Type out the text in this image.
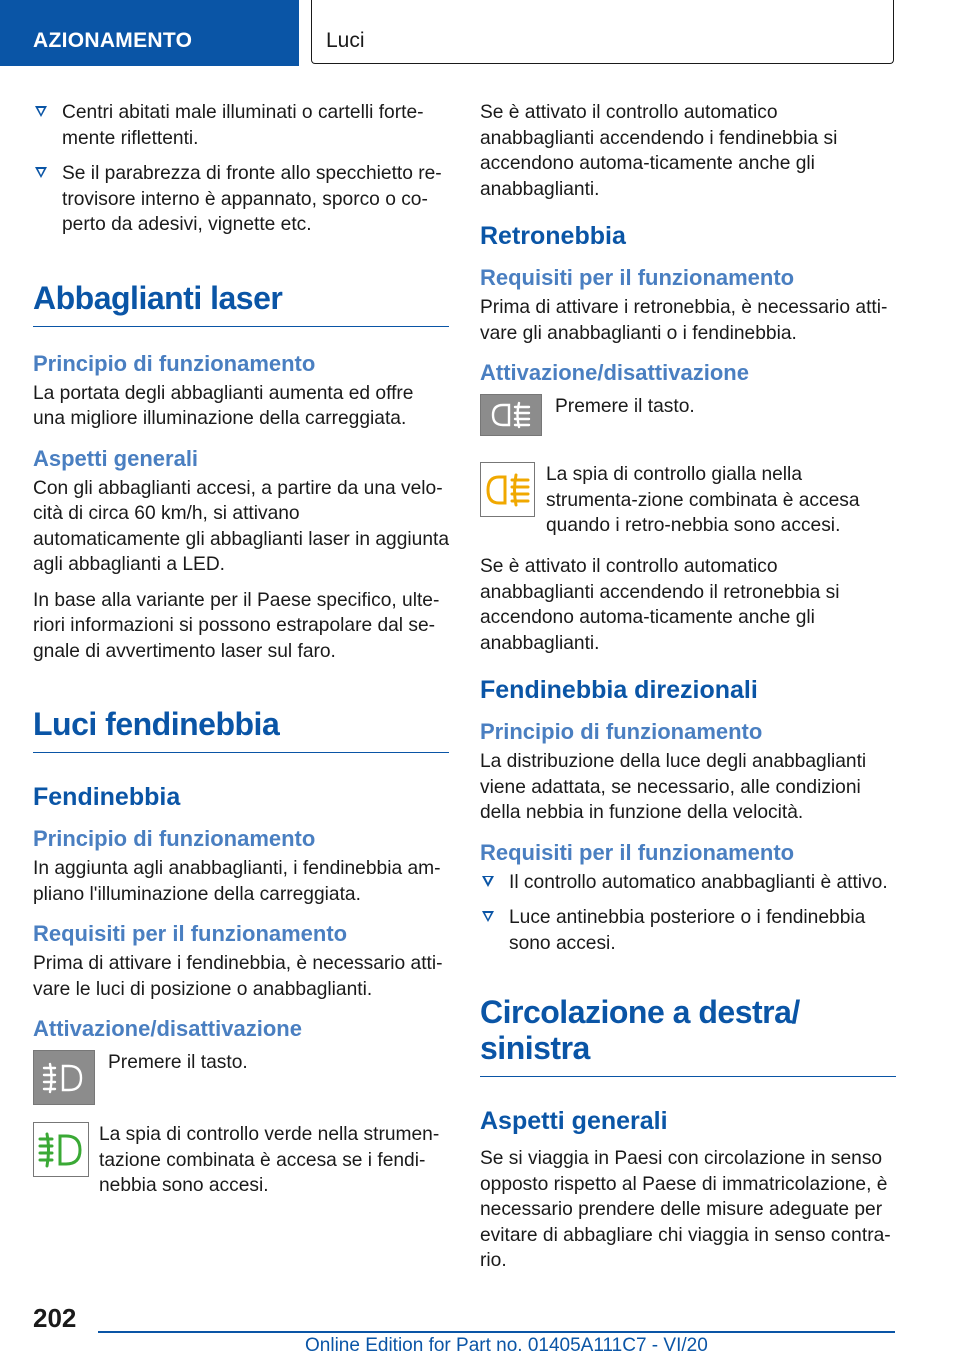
AZIONAMENTO	Luci
Centri abitati male illuminati o cartelli forte-mente riflettenti.
Se il parabrezza di fronte allo specchietto re-trovisore interno è appannato, sporco o co-perto da adesivi, vignette etc.
Abbaglianti laser
Principio di funzionamento

La portata degli abbaglianti aumenta ed offre una migliore illuminazione della carreggiata.

Aspetti generali

Con gli abbaglianti accesi, a partire da una velo-cità di circa 60 km/h, si attivano automaticamente gli abbaglianti laser in aggiunta agli abbaglianti a LED.

In base alla variante per il Paese specifico, ulte-riori informazioni si possono estrapolare dal se-gnale di avvertimento laser sul faro.

Luci fendinebbia
Fendinebbia
Principio di funzionamento

In aggiunta agli anabbaglianti, i fendinebbia am-pliano l'illuminazione della carreggiata.

Requisiti per il funzionamento

Prima di attivare i fendinebbia, è necessario atti-vare le luci di posizione o anabbaglianti.

Attivazione/disattivazione

Premere il tasto.

La spia di controllo verde nella strumen-tazione combinata è accesa se i fendi-nebbia sono accesi.

Se è attivato il controllo automatico anabbaglianti accendendo i fendinebbia si accendono automa-ticamente anche gli anabbaglianti.

Retronebbia
Requisiti per il funzionamento

Prima di attivare i retronebbia, è necessario atti-vare gli anabbaglianti o i fendinebbia.

Attivazione/disattivazione

Premere il tasto.

La spia di controllo gialla nella strumenta-zione combinata è accesa quando i retro-nebbia sono accesi.

Se è attivato il controllo automatico anabbaglianti accendendo il retronebbia si accendono automa-ticamente anche gli anabbaglianti.

Fendinebbia direzionali
Principio di funzionamento

La distribuzione della luce degli anabbaglianti viene adattata, se necessario, alle condizioni della nebbia in funzione della velocità.

Requisiti per il funzionamento
Il controllo automatico anabbaglianti è attivo.
Luce antinebbia posteriore o i fendinebbia sono accesi.
Circolazione a destra/ sinistra
Aspetti generali

Se si viaggia in Paesi con circolazione in senso opposto rispetto al Paese di immatricolazione, è necessario prendere delle misure adeguate per evitare di abbagliare chi viaggia in senso contra-rio.

202
Online Edition for Part no. 01405A111C7 - VI/20
